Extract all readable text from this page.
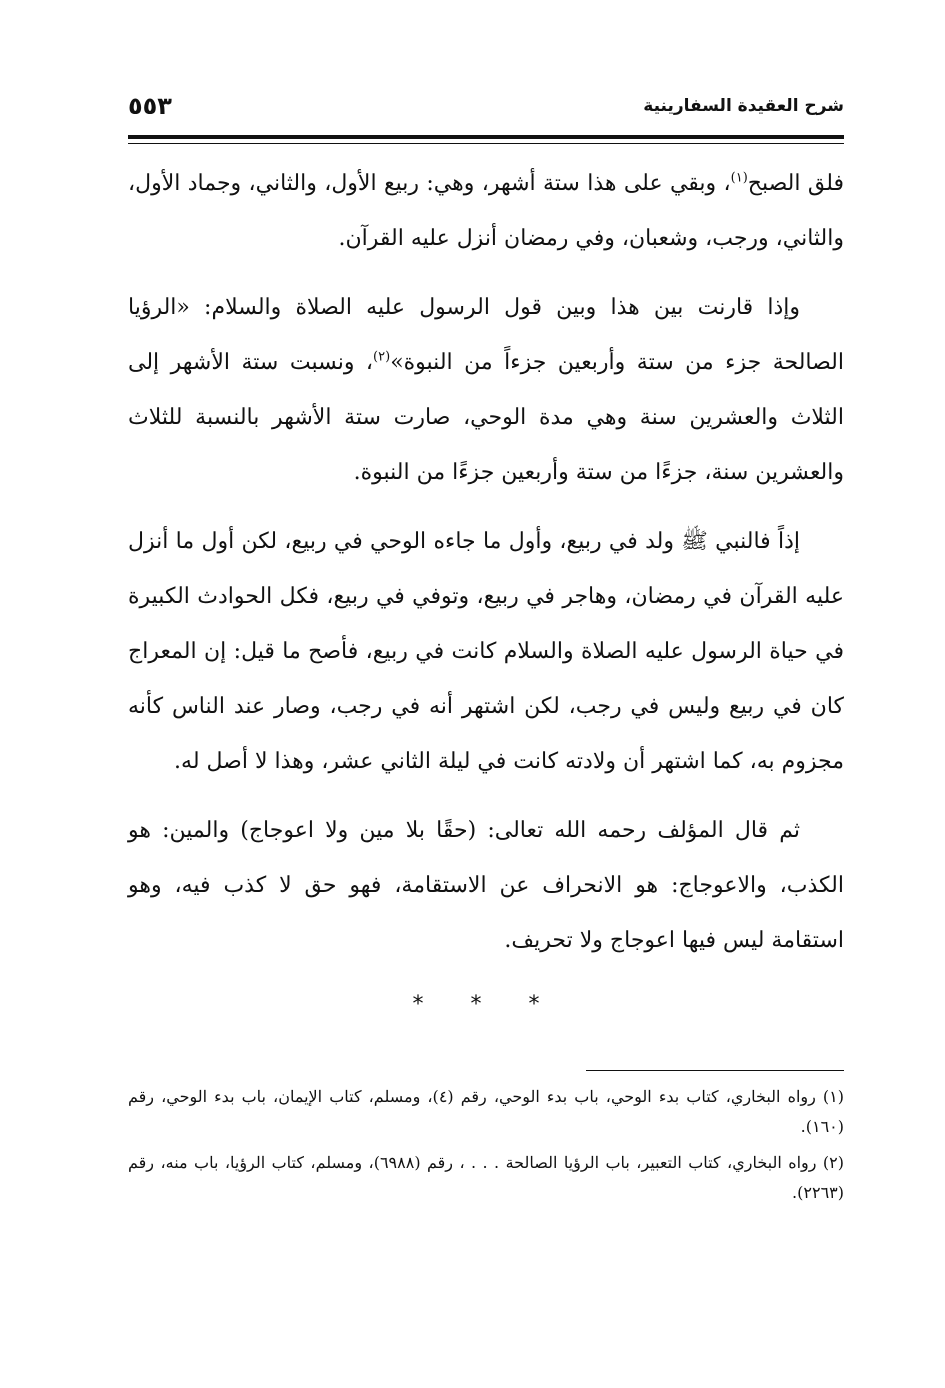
شرح العقيدة السفارينية
٥٥٣

فلق الصبح$^{(١)}$، وبقي على هذا ستة أشهر، وهي: ربيع الأول، والثاني، وجماد الأول، والثاني، ورجب، وشعبان، وفي رمضان أنزل عليه القرآن.

وإذا قارنت بين هذا وبين قول الرسول عليه الصلاة والسلام: «الرؤيا الصالحة جزء من ستة وأربعين جزءاً من النبوة»$^{(٢)}$، ونسبت ستة الأشهر إلى الثلاث والعشرين سنة وهي مدة الوحي، صارت ستة الأشهر بالنسبة للثلاث والعشرين سنة، جزءًا من ستة وأربعين جزءًا من النبوة.

إذاً فالنبي ﷺ ولد في ربيع، وأول ما جاءه الوحي في ربيع، لكن أول ما أنزل عليه القرآن في رمضان، وهاجر في ربيع، وتوفي في ربيع، فكل الحوادث الكبيرة في حياة الرسول عليه الصلاة والسلام كانت في ربيع، فأصح ما قيل: إن المعراج كان في ربيع وليس في رجب، لكن اشتهر أنه في رجب، وصار عند الناس كأنه مجزوم به، كما اشتهر أن ولادته كانت في ليلة الثاني عشر، وهذا لا أصل له.

ثم قال المؤلف رحمه الله تعالى: (حقًا بلا مين ولا اعوجاج) والمين: هو الكذب، والاعوجاج: هو الانحراف عن الاستقامة، فهو حق لا كذب فيه، وهو استقامة ليس فيها اعوجاج ولا تحريف.

* * *

(١) رواه البخاري، كتاب بدء الوحي، باب بدء الوحي، رقم (٤)، ومسلم، كتاب الإيمان، باب بدء الوحي، رقم (١٦٠).

(٢) رواه البخاري، كتاب التعبير، باب الرؤيا الصالحة . . . ، رقم (٦٩٨٨)، ومسلم، كتاب الرؤيا، باب منه، رقم (٢٢٦٣).
